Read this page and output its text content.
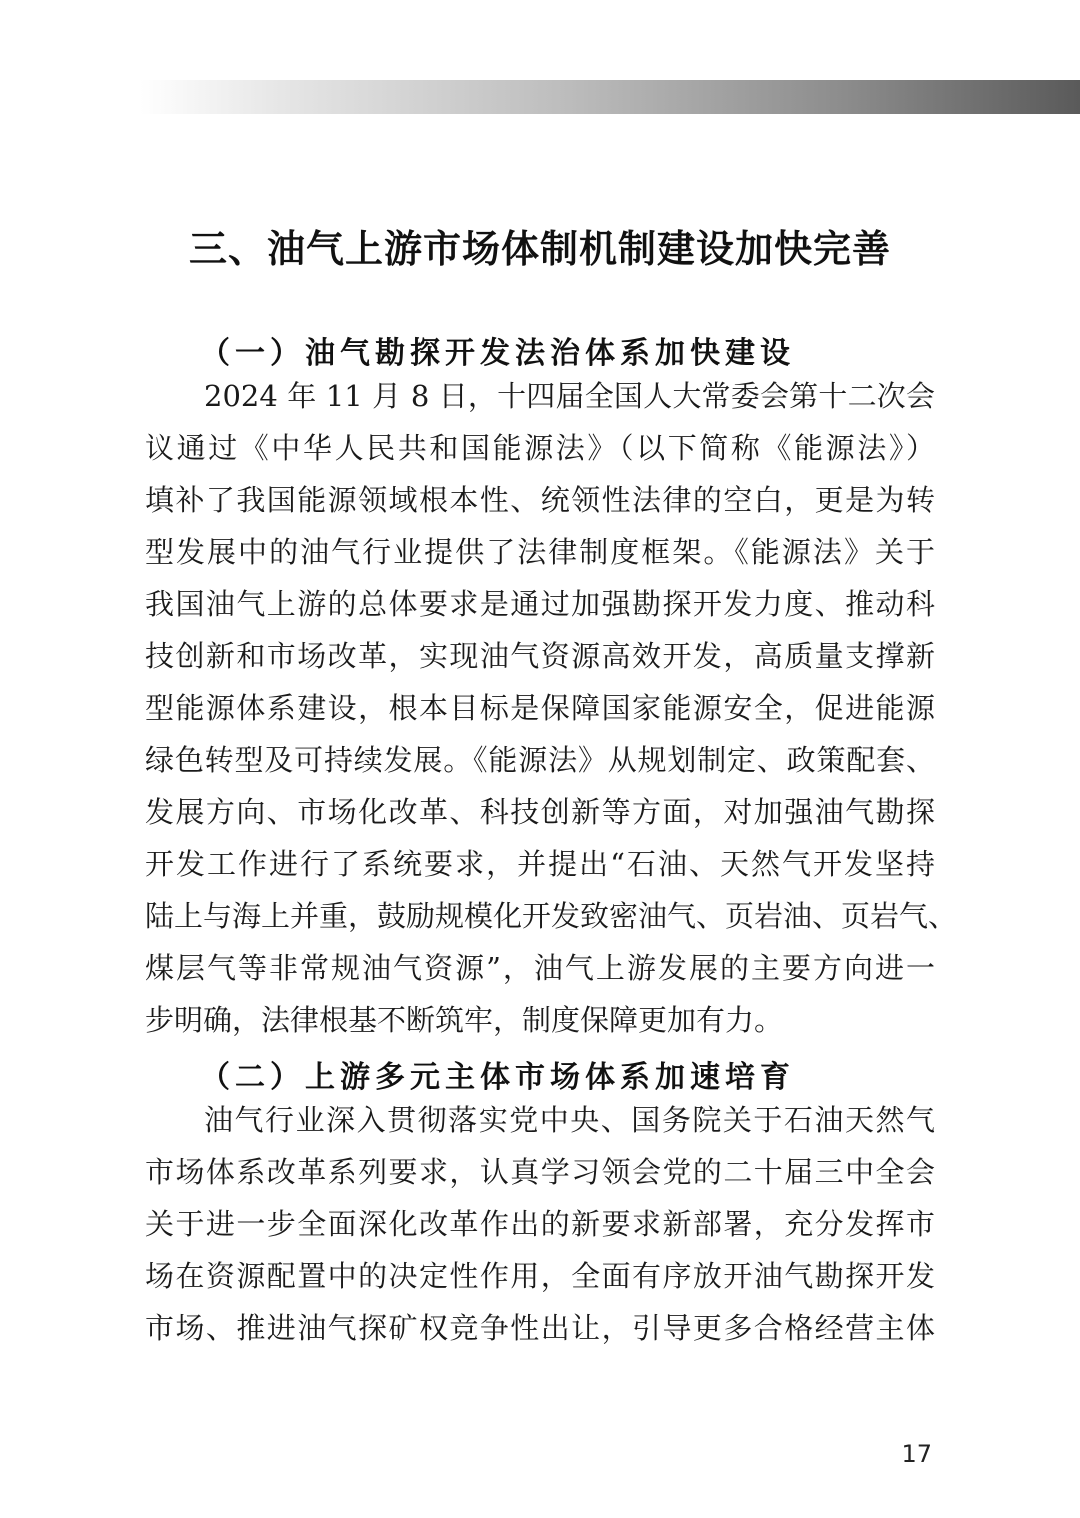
三、油气上游市场体制机制建设加快完善
（一）油气勘探开发法治体系加快建设
2024 年 11 月 8 日，十四届全国人大常委会第十二次会
议通过《中华人民共和国能源法》（以下简称《能源法》）
填补了我国能源领域根本性、统领性法律的空白，更是为转
型发展中的油气行业提供了法律制度框架。《能源法》关于
我国油气上游的总体要求是通过加强勘探开发力度、推动科
技创新和市场改革，实现油气资源高效开发，高质量支撑新
型能源体系建设，根本目标是保障国家能源安全，促进能源
绿色转型及可持续发展。《能源法》从规划制定、政策配套、
发展方向、市场化改革、科技创新等方面，对加强油气勘探
开发工作进行了系统要求，并提出“石油、天然气开发坚持
陆上与海上并重，鼓励规模化开发致密油气、页岩油、页岩气、
煤层气等非常规油气资源”，油气上游发展的主要方向进一
步明确，法律根基不断筑牢，制度保障更加有力。
（二）上游多元主体市场体系加速培育
油气行业深入贯彻落实党中央、国务院关于石油天然气
市场体系改革系列要求，认真学习领会党的二十届三中全会
关于进一步全面深化改革作出的新要求新部署，充分发挥市
场在资源配置中的决定性作用，全面有序放开油气勘探开发
市场、推进油气探矿权竞争性出让，引导更多合格经营主体
17
